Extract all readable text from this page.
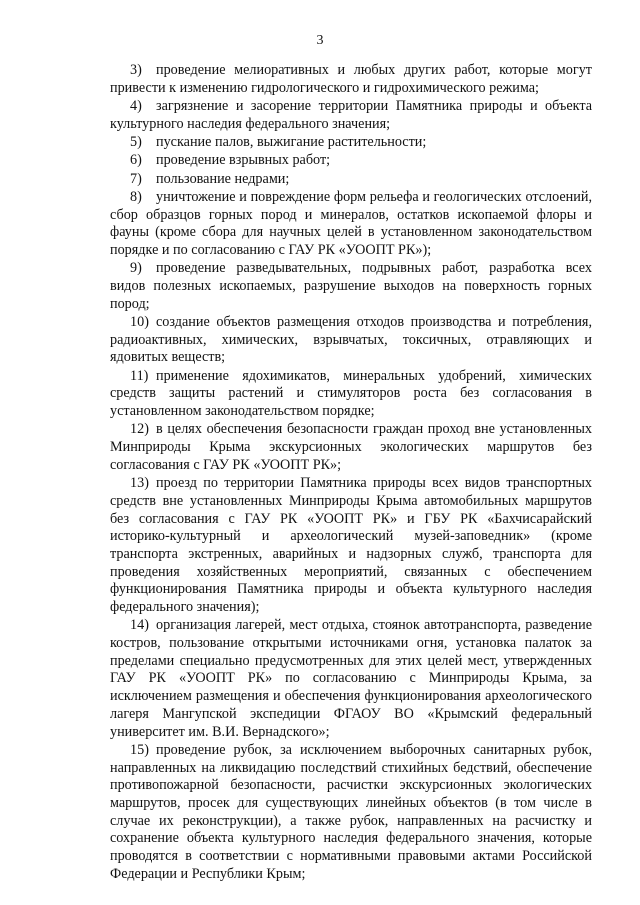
3

3) проведение мелиоративных и любых других работ, которые могут привести к изменению гидрологического и гидрохимического режима;

4) загрязнение и засорение территории Памятника природы и объекта культурного наследия федерального значения;

5) пускание палов, выжигание растительности;

6) проведение взрывных работ;

7) пользование недрами;

8) уничтожение и повреждение форм рельефа и геологических отслоений, сбор образцов горных пород и минералов, остатков ископаемой флоры и фауны (кроме сбора для научных целей в установленном законодательством порядке и по согласованию с ГАУ РК «УООПТ РК»);

9) проведение разведывательных, подрывных работ, разработка всех видов полезных ископаемых, разрушение выходов на поверхность горных пород;

10) создание объектов размещения отходов производства и потребления, радиоактивных, химических, взрывчатых, токсичных, отравляющих и ядовитых веществ;

11) применение ядохимикатов, минеральных удобрений, химических средств защиты растений и стимуляторов роста без согласования в установленном законодательством порядке;

12) в целях обеспечения безопасности граждан проход вне установленных Минприроды Крыма экскурсионных экологических маршрутов без согласования с ГАУ РК «УООПТ РК»;

13) проезд по территории Памятника природы всех видов транспортных средств вне установленных Минприроды Крыма автомобильных маршрутов без согласования с ГАУ РК «УООПТ РК» и ГБУ РК «Бахчисарайский историко-культурный и археологический музей-заповедник» (кроме транспорта экстренных, аварийных и надзорных служб, транспорта для проведения хозяйственных мероприятий, связанных с обеспечением функционирования Памятника природы и объекта культурного наследия федерального значения);

14) организация лагерей, мест отдыха, стоянок автотранспорта, разведение костров, пользование открытыми источниками огня, установка палаток за пределами специально предусмотренных для этих целей мест, утвержденных ГАУ РК «УООПТ РК» по согласованию с Минприроды Крыма, за исключением размещения и обеспечения функционирования археологического лагеря Мангупской экспедиции ФГАОУ ВО «Крымский федеральный университет им. В.И. Вернадского»;

15) проведение рубок, за исключением выборочных санитарных рубок, направленных на ликвидацию последствий стихийных бедствий, обеспечение противопожарной безопасности, расчистки экскурсионных экологических маршрутов, просек для существующих линейных объектов (в том числе в случае их реконструкции), а также рубок, направленных на расчистку и сохранение объекта культурного наследия федерального значения, которые проводятся в соответствии с нормативными правовыми актами Российской Федерации и Республики Крым;
